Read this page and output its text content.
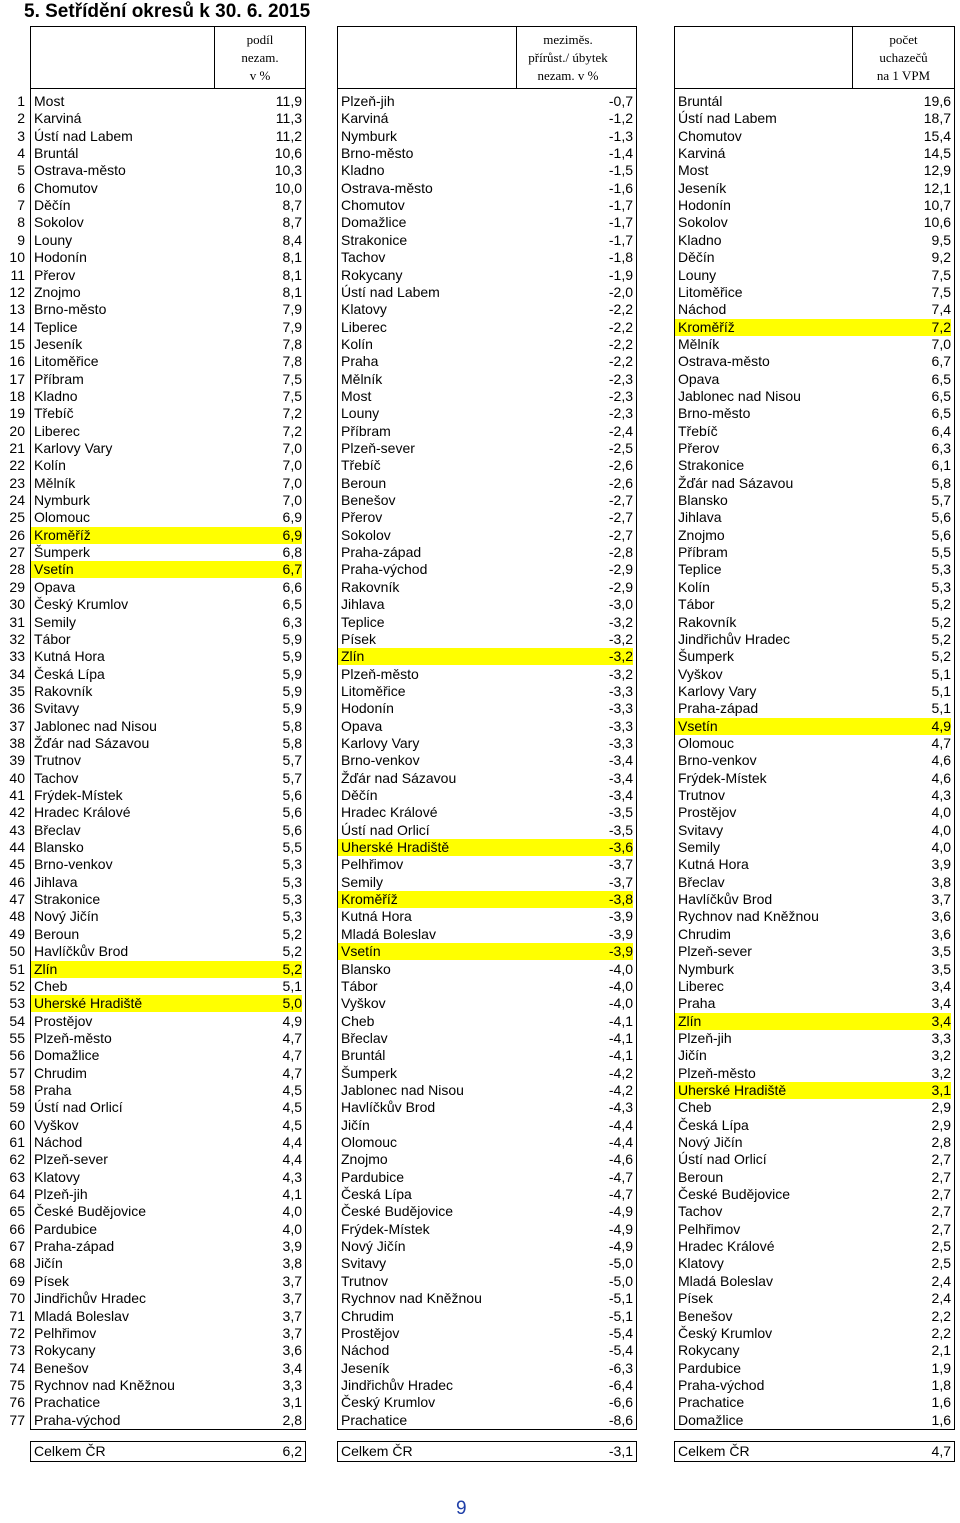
5. Setřídění okresů k 30. 6. 2015
podíl
nezam.
v %
meziměs.
přírůst./ úbytek
nezam. v %
počet
uchazečů
na 1 VPM
1 Most	11,9	Plzeň-jih	-0,7	Bruntál	19,6
2 Karviná	11,3	Karviná	-1,2	Ústí nad Labem	18,7
3 Ústí nad Labem	11,2	Nymburk	-1,3	Chomutov	15,4
4 Bruntál	10,6	Brno-město	-1,4	Karviná	14,5
5 Ostrava-město	10,3	Kladno	-1,5	Most	12,9
6 Chomutov	10,0	Ostrava-město	-1,6	Jeseník	12,1
7 Děčín	8,7	Chomutov	-1,7	Hodonín	10,7
8 Sokolov	8,7	Domažlice	-1,7	Sokolov	10,6
9 Louny	8,4	Strakonice	-1,7	Kladno	9,5
10 Hodonín	8,1	Tachov	-1,8	Děčín	9,2
11 Přerov	8,1	Rokycany	-1,9	Louny	7,5
12 Znojmo	8,1	Ústí nad Labem	-2,0	Litoměřice	7,5
13 Brno-město	7,9	Klatovy	-2,2	Náchod	7,4
14 Teplice	7,9	Liberec	-2,2	Kroměříž	7,2
15 Jeseník	7,8	Kolín	-2,2	Mělník	7,0
16 Litoměřice	7,8	Praha	-2,2	Ostrava-město	6,7
17 Příbram	7,5	Mělník	-2,3	Opava	6,5
18 Kladno	7,5	Most	-2,3	Jablonec nad Nisou	6,5
19 Třebíč	7,2	Louny	-2,3	Brno-město	6,5
20 Liberec	7,2	Příbram	-2,4	Třebíč	6,4
21 Karlovy Vary	7,0	Plzeň-sever	-2,5	Přerov	6,3
22 Kolín	7,0	Třebíč	-2,6	Strakonice	6,1
23 Mělník	7,0	Beroun	-2,6	Žďár nad Sázavou	5,8
24 Nymburk	7,0	Benešov	-2,7	Blansko	5,7
25 Olomouc	6,9	Přerov	-2,7	Jihlava	5,6
26 Kroměříž	6,9	Sokolov	-2,7	Znojmo	5,6
27 Šumperk	6,8	Praha-západ	-2,8	Příbram	5,5
28 Vsetín	6,7	Praha-východ	-2,9	Teplice	5,3
29 Opava	6,6	Rakovník	-2,9	Kolín	5,3
30 Český Krumlov	6,5	Jihlava	-3,0	Tábor	5,2
31 Semily	6,3	Teplice	-3,2	Rakovník	5,2
32 Tábor	5,9	Písek	-3,2	Jindřichův Hradec	5,2
33 Kutná Hora	5,9	Zlín	-3,2	Šumperk	5,2
34 Česká Lípa	5,9	Plzeň-město	-3,2	Vyškov	5,1
35 Rakovník	5,9	Litoměřice	-3,3	Karlovy Vary	5,1
36 Svitavy	5,9	Hodonín	-3,3	Praha-západ	5,1
37 Jablonec nad Nisou	5,8	Opava	-3,3	Vsetín	4,9
38 Žďár nad Sázavou	5,8	Karlovy Vary	-3,3	Olomouc	4,7
39 Trutnov	5,7	Brno-venkov	-3,4	Brno-venkov	4,6
40 Tachov	5,7	Žďár nad Sázavou	-3,4	Frýdek-Místek	4,6
41 Frýdek-Místek	5,6	Děčín	-3,4	Trutnov	4,3
42 Hradec Králové	5,6	Hradec Králové	-3,5	Prostějov	4,0
43 Břeclav	5,6	Ústí nad Orlicí	-3,5	Svitavy	4,0
44 Blansko	5,5	Uherské Hradiště	-3,6	Semily	4,0
45 Brno-venkov	5,3	Pelhřimov	-3,7	Kutná Hora	3,9
46 Jihlava	5,3	Semily	-3,7	Břeclav	3,8
47 Strakonice	5,3	Kroměříž	-3,8	Havlíčkův Brod	3,7
48 Nový Jičín	5,3	Kutná Hora	-3,9	Rychnov nad Kněžnou	3,6
49 Beroun	5,2	Mladá Boleslav	-3,9	Chrudim	3,6
50 Havlíčkův Brod	5,2	Vsetín	-3,9	Plzeň-sever	3,5
51 Zlín	5,2	Blansko	-4,0	Nymburk	3,5
52 Cheb	5,1	Tábor	-4,0	Liberec	3,4
53 Uherské Hradiště	5,0	Vyškov	-4,0	Praha	3,4
54 Prostějov	4,9	Cheb	-4,1	Zlín	3,4
55 Plzeň-město	4,7	Břeclav	-4,1	Plzeň-jih	3,3
56 Domažlice	4,7	Bruntál	-4,1	Jičín	3,2
57 Chrudim	4,7	Šumperk	-4,2	Plzeň-město	3,2
58 Praha	4,5	Jablonec nad Nisou	-4,2	Uherské Hradiště	3,1
59 Ústí nad Orlicí	4,5	Havlíčkův Brod	-4,3	Cheb	2,9
60 Vyškov	4,5	Jičín	-4,4	Česká Lípa	2,9
61 Náchod	4,4	Olomouc	-4,4	Nový Jičín	2,8
62 Plzeň-sever	4,4	Znojmo	-4,6	Ústí nad Orlicí	2,7
63 Klatovy	4,3	Pardubice	-4,7	Beroun	2,7
64 Plzeň-jih	4,1	Česká Lípa	-4,7	České Budějovice	2,7
65 České Budějovice	4,0	České Budějovice	-4,9	Tachov	2,7
66 Pardubice	4,0	Frýdek-Místek	-4,9	Pelhřimov	2,7
67 Praha-západ	3,9	Nový Jičín	-4,9	Hradec Králové	2,5
68 Jičín	3,8	Svitavy	-5,0	Klatovy	2,5
69 Písek	3,7	Trutnov	-5,0	Mladá Boleslav	2,4
70 Jindřichův Hradec	3,7	Rychnov nad Kněžnou	-5,1	Písek	2,4
71 Mladá Boleslav	3,7	Chrudim	-5,1	Benešov	2,2
72 Pelhřimov	3,7	Prostějov	-5,4	Český Krumlov	2,2
73 Rokycany	3,6	Náchod	-5,4	Rokycany	2,1
74 Benešov	3,4	Jeseník	-6,3	Pardubice	1,9
75 Rychnov nad Kněžnou	3,3	Jindřichův Hradec	-6,4	Praha-východ	1,8
76 Prachatice	3,1	Český Krumlov	-6,6	Prachatice	1,6
77 Praha-východ	2,8	Prachatice	-8,6	Domažlice	1,6
Celkem ČR	6,2	Celkem ČR	-3,1	Celkem ČR	4,7
9
